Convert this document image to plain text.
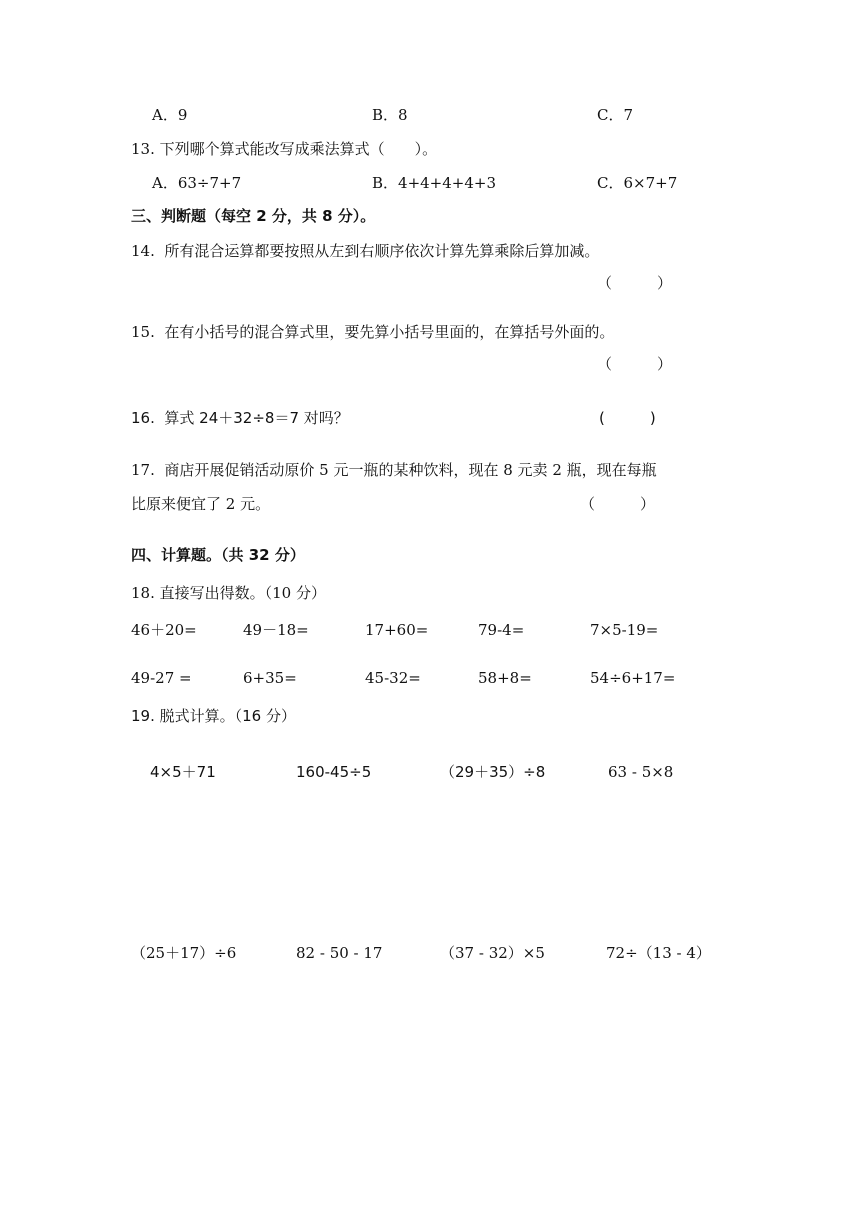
A．9	B．8	C．7
13. 下列哪个算式能改写成乘法算式（　　）。
A．63÷7+7	B．4+4+4+4+3	C．6×7+7
三、判断题（每空 2 分，共 8 分）。
14.  所有混合运算都要按照从左到右顺序依次计算先算乘除后算加减。
（　　　）
15.  在有小括号的混合算式里，要先算小括号里面的，在算括号外面的。
（　　　）
16.  算式 24＋32÷8＝7 对吗？	(　　　)
17.  商店开展促销活动原价 5 元一瓶的某种饮料，现在 8 元卖 2 瓶，现在每瓶
比原来便宜了 2 元。	（　　　）
四、计算题。（共 32 分）
18. 直接写出得数。（10 分）
46＋20=	49－18=	17+60=	79-4=	7×5-19=
49-27 =	6+35=	45-32=	58+8=	54÷6+17=
19. 脱式计算。（16 分）
4×5＋71	160-45÷5	（29＋35）÷8	63 - 5×8
（25＋17）÷6	82 - 50 - 17	（37 - 32）×5	72÷（13 - 4）
